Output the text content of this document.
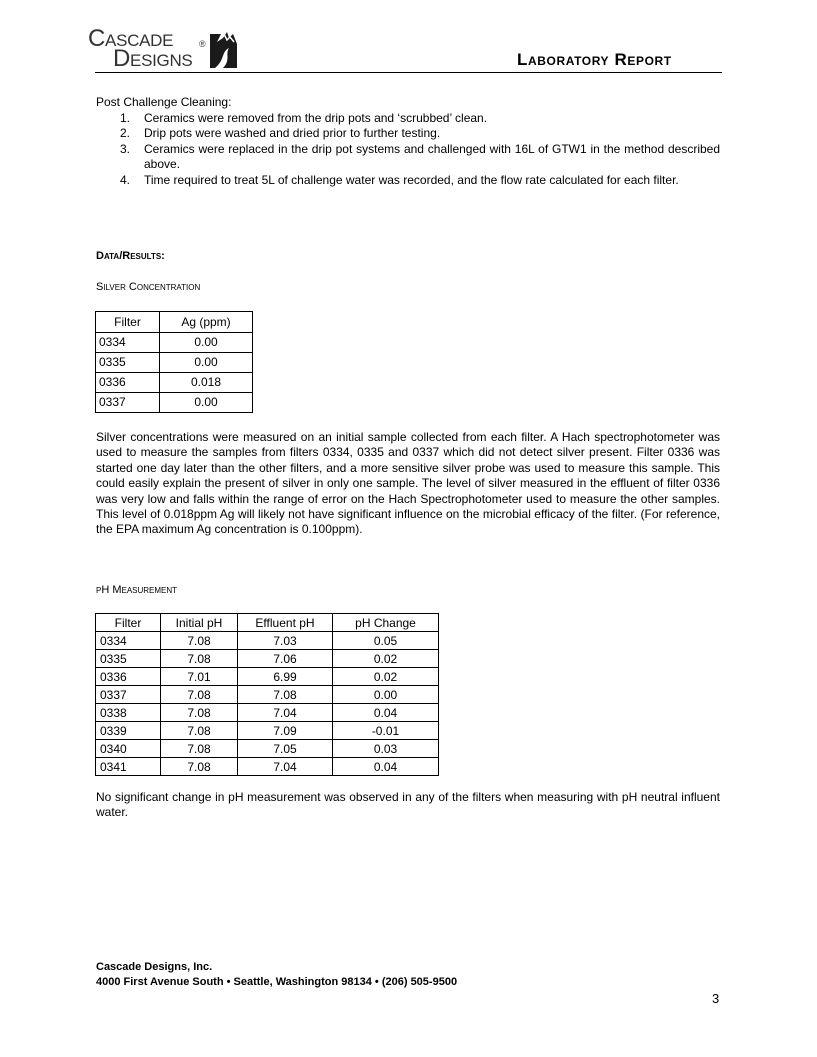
Cascade
Designs
®
Laboratory Report
Post Challenge Cleaning:
1. Ceramics were removed from the drip pots and ‘scrubbed’ clean.
2. Drip pots were washed and dried prior to further testing.
3. Ceramics were replaced in the drip pot systems and challenged with 16L of GTW1 in the method described above.
4. Time required to treat 5L of challenge water was recorded, and the flow rate calculated for each filter.
Data/Results:
Silver Concentration
Filter	Ag (ppm)
0334	0.00
0335	0.00
0336	0.018
0337	0.00
Silver concentrations were measured on an initial sample collected from each filter. A Hach spectrophotometer was used to measure the samples from filters 0334, 0335 and 0337 which did not detect silver present. Filter 0336 was started one day later than the other filters, and a more sensitive silver probe was used to measure this sample. This could easily explain the present of silver in only one sample. The level of silver measured in the effluent of filter 0336 was very low and falls within the range of error on the Hach Spectrophotometer used to measure the other samples. This level of 0.018ppm Ag will likely not have significant influence on the microbial efficacy of the filter. (For reference, the EPA maximum Ag concentration is 0.100ppm).
pH Measurement
Filter	Initial pH	Effluent pH	pH Change
0334	7.08	7.03	0.05
0335	7.08	7.06	0.02
0336	7.01	6.99	0.02
0337	7.08	7.08	0.00
0338	7.08	7.04	0.04
0339	7.08	7.09	-0.01
0340	7.08	7.05	0.03
0341	7.08	7.04	0.04
No significant change in pH measurement was observed in any of the filters when measuring with pH neutral influent water.
Cascade Designs, Inc.
4000 First Avenue South • Seattle, Washington 98134 • (206) 505-9500
3
